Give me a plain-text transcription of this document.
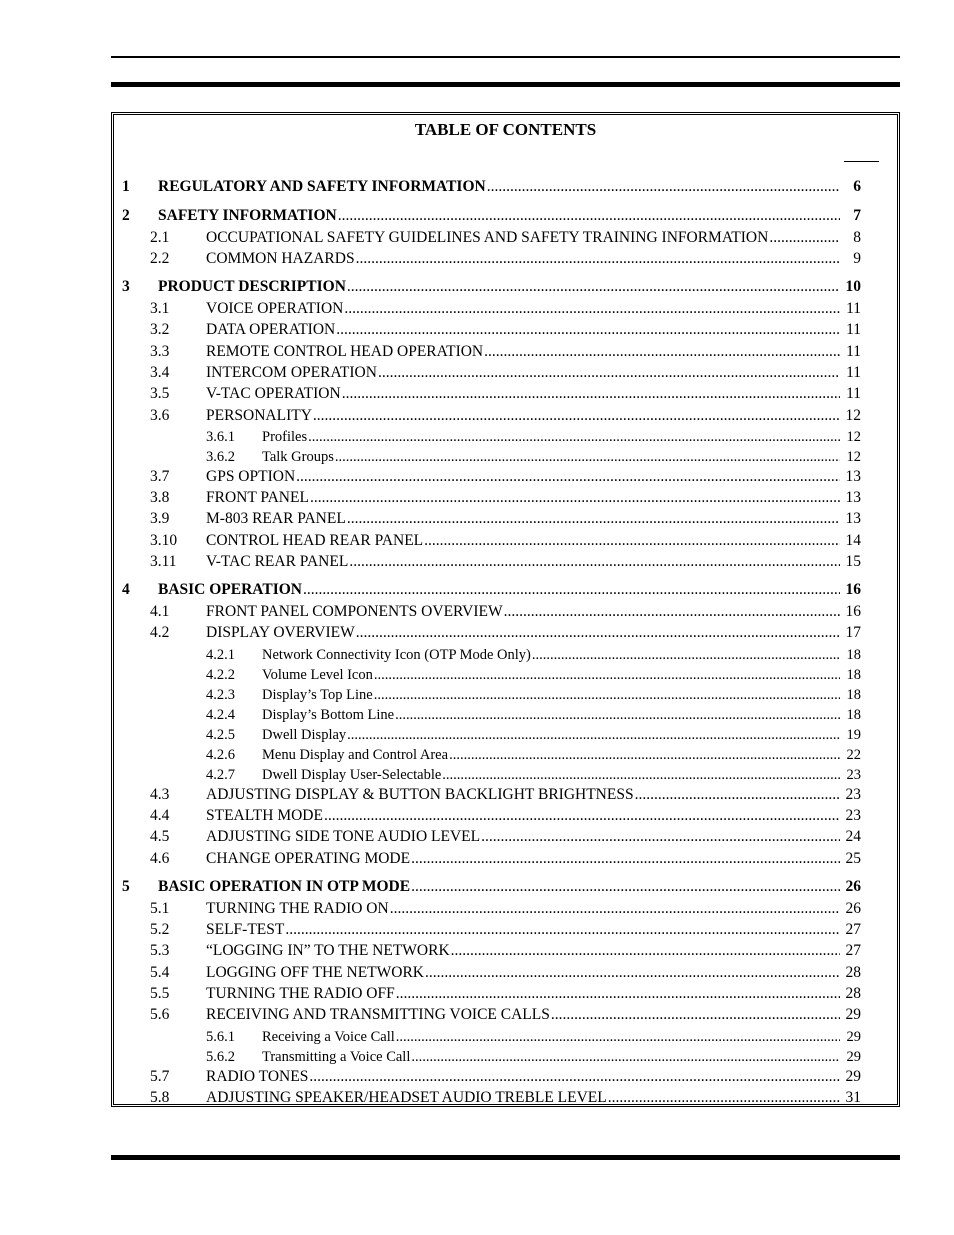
TABLE OF CONTENTS
1	REGULATORY AND SAFETY INFORMATION .....	6
2	SAFETY INFORMATION .....	7
2.1	OCCUPATIONAL SAFETY GUIDELINES AND SAFETY TRAINING INFORMATION .....	8
2.2	COMMON HAZARDS .....	9
3	PRODUCT DESCRIPTION .....	10
3.1	VOICE OPERATION .....	11
3.2	DATA OPERATION .....	11
3.3	REMOTE CONTROL HEAD OPERATION .....	11
3.4	INTERCOM OPERATION .....	11
3.5	V-TAC OPERATION .....	11
3.6	PERSONALITY .....	12
3.6.1	Profiles .....	12
3.6.2	Talk Groups .....	12
3.7	GPS OPTION .....	13
3.8	FRONT PANEL .....	13
3.9	M-803 REAR PANEL .....	13
3.10	CONTROL HEAD REAR PANEL .....	14
3.11	V-TAC REAR PANEL .....	15
4	BASIC OPERATION .....	16
4.1	FRONT PANEL COMPONENTS OVERVIEW .....	16
4.2	DISPLAY OVERVIEW .....	17
4.2.1	Network Connectivity Icon (OTP Mode Only) .....	18
4.2.2	Volume Level Icon .....	18
4.2.3	Display’s Top Line .....	18
4.2.4	Display’s Bottom Line .....	18
4.2.5	Dwell Display .....	19
4.2.6	Menu Display and Control Area .....	22
4.2.7	Dwell Display User-Selectable .....	23
4.3	ADJUSTING DISPLAY & BUTTON BACKLIGHT BRIGHTNESS .....	23
4.4	STEALTH MODE .....	23
4.5	ADJUSTING SIDE TONE AUDIO LEVEL .....	24
4.6	CHANGE OPERATING MODE .....	25
5	BASIC OPERATION IN OTP MODE .....	26
5.1	TURNING THE RADIO ON .....	26
5.2	SELF-TEST .....	27
5.3	“LOGGING IN” TO THE NETWORK .....	27
5.4	LOGGING OFF THE NETWORK .....	28
5.5	TURNING THE RADIO OFF .....	28
5.6	RECEIVING AND TRANSMITTING VOICE CALLS .....	29
5.6.1	Receiving a Voice Call .....	29
5.6.2	Transmitting a Voice Call .....	29
5.7	RADIO TONES .....	29
5.8	ADJUSTING SPEAKER/HEADSET AUDIO TREBLE LEVEL .....	31
